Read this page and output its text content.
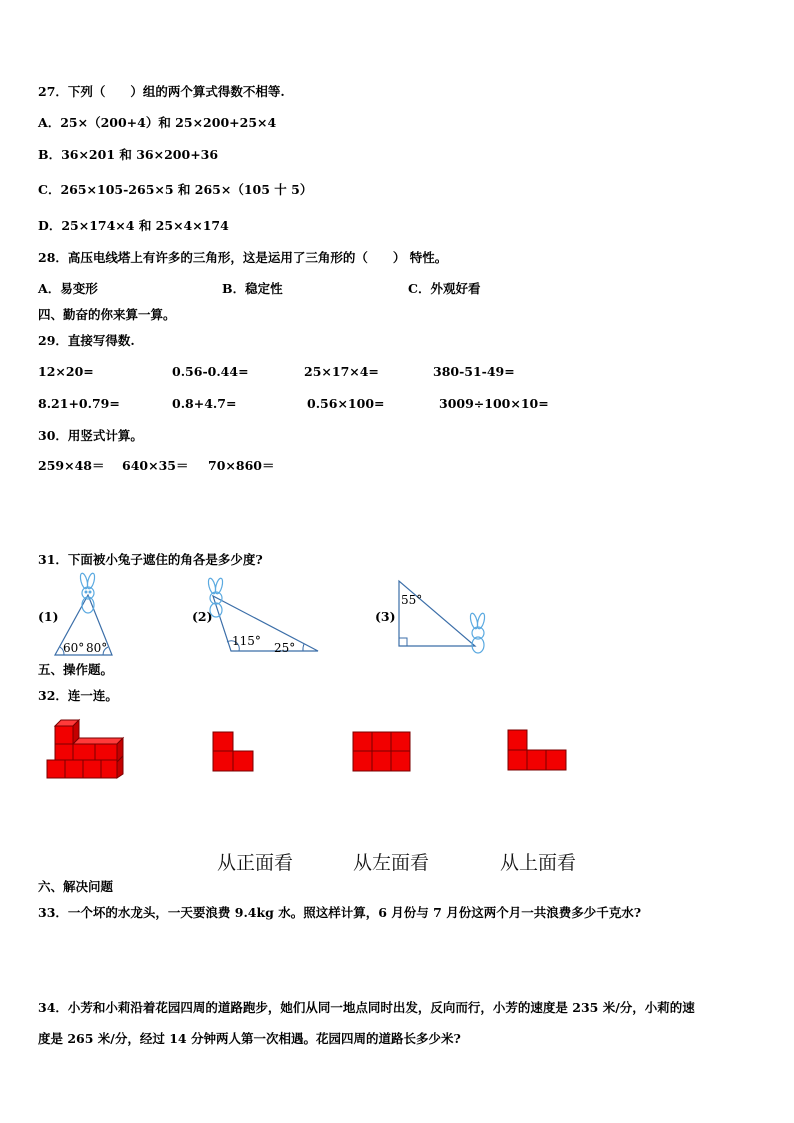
27．下列（　　）组的两个算式得数不相等.
A．25×（200+4）和 25×200+25×4
B．36×201 和 36×200+36
C．265×105-265×5 和 265×（105 十 5）
D．25×174×4 和 25×4×174
28．高压电线塔上有许多的三角形，这是运用了三角形的（　　） 特性。
A．易变形	B．稳定性	C．外观好看
四、勤奋的你来算一算。
29．直接写得数.
12×20=	0.56-0.44=	25×17×4=	380-51-49=
8.21+0.79=	0.8+4.7=	0.56×100=	3009÷100×10=
30．用竖式计算。
259×48＝ 640×35＝ 70×860＝
31．下面被小兔子遮住的角各是多少度?
(1)	(2)	(3)
60° 80°	115° 25°
55°
五、操作题。
32．连一连。
从正面看	从左面看	从上面看
六、解决问题
33．一个坏的水龙头，一天要浪费 9.4kg 水。照这样计算，6 月份与 7 月份这两个月一共浪费多少千克水?
34．小芳和小莉沿着花园四周的道路跑步，她们从同一地点同时出发，反向而行，小芳的速度是 235 米/分，小莉的速
度是 265 米/分，经过 14 分钟两人第一次相遇。花园四周的道路长多少米?
